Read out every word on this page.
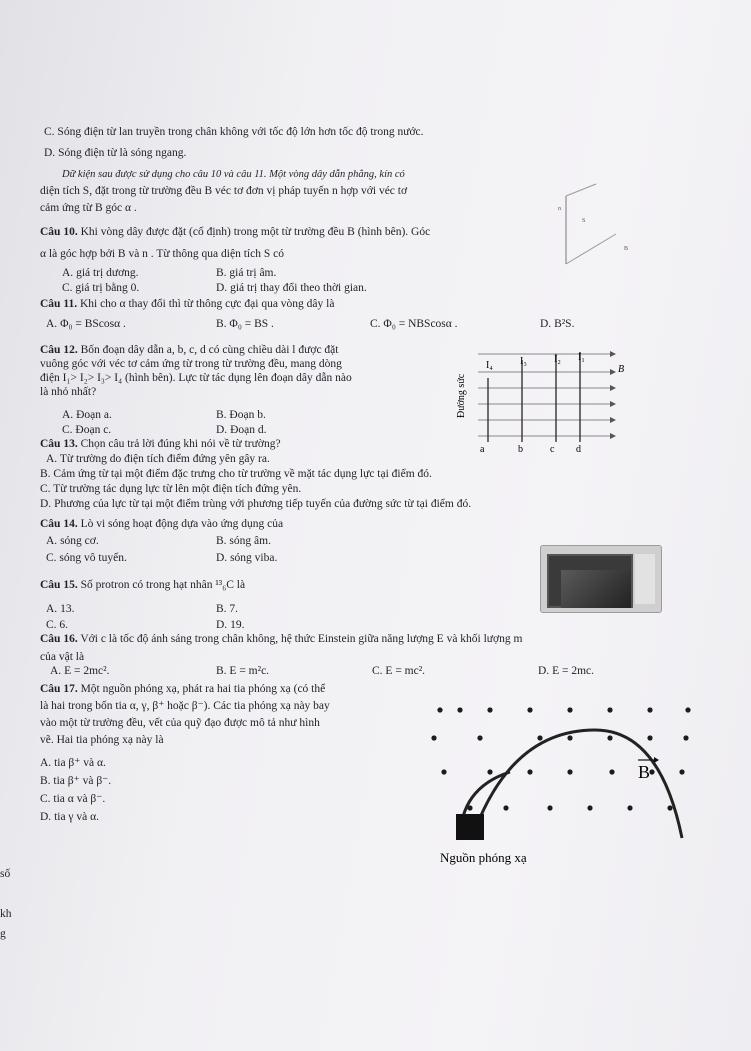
C. Sóng điện từ lan truyền trong chân không với tốc độ lớn hơn tốc độ trong nước.
D. Sóng điện từ là sóng ngang.
Dữ kiện sau được sử dụng cho câu 10 và câu 11. Một vòng dây dẫn phẳng, kín có
diện tích S, đặt trong từ trường đều B véc tơ đơn vị pháp tuyến n hợp với véc tơ
cảm ứng từ B góc α .
Câu 10. Khi vòng dây được đặt (cố định) trong một từ trường đều B (hình bên). Góc
α là góc hợp bởi B và n . Từ thông qua diện tích S có
A. giá trị dương.	B. giá trị âm.
C. giá trị bằng 0.	D. giá trị thay đổi theo thời gian.
Câu 11. Khi cho α thay đổi thì từ thông cực đại qua vòng dây là
A. Φ₀ = BScosα .	B. Φ₀ = BS .	C. Φ₀ = NBScosα .	D. B²S.
Câu 12. Bốn đoạn dây dẫn a, b, c, d có cùng chiều dài l được đặt
vuông góc với véc tơ cảm ứng từ trong từ trường đều, mang dòng
điện I₁> I₂> I₃> I₄ (hình bên). Lực từ tác dụng lên đoạn dây dẫn nào
là nhỏ nhất?
A. Đoạn a.	B. Đoạn b.
C. Đoạn c.	D. Đoạn d.
Câu 13. Chọn câu trả lời đúng khi nói về từ trường?
A. Từ trường do điện tích điểm đứng yên gây ra.
B. Cảm ứng từ tại một điểm đặc trưng cho từ trường về mặt tác dụng lực tại điểm đó.
C. Từ trường tác dụng lực từ lên một điện tích đứng yên.
D. Phương của lực từ tại một điểm trùng với phương tiếp tuyến của đường sức từ tại điểm đó.
Câu 14. Lò vi sóng hoạt động dựa vào ứng dụng của
A. sóng cơ.	B. sóng âm.
C. sóng vô tuyến.	D. sóng viba.
Câu 15. Số protron có trong hạt nhân ¹³₆C là
A. 13.	B. 7.
C. 6.	D. 19.
Câu 16. Với c là tốc độ ánh sáng trong chân không, hệ thức Einstein giữa năng lượng E và khối lượng m
của vật là
A. E = 2mc².	B. E = m²c.	C. E = mc².	D. E = 2mc.
Câu 17. Một nguồn phóng xạ, phát ra hai tia phóng xạ (có thể
là hai trong bốn tia α, γ, β⁺ hoặc β⁻). Các tia phóng xạ này bay
vào một từ trường đều, vết của quỹ đạo được mô tả như hình
vẽ. Hai tia phóng xạ này là
A. tia β⁺ và α.
B. tia β⁺ và β⁻.
C. tia α và β⁻.
D. tia γ và α.
S
n
B
I₄	I₃	I₂ I₁
B
a	b	c d
Đường sức
B
Nguồn phóng xạ
số
kh
g
